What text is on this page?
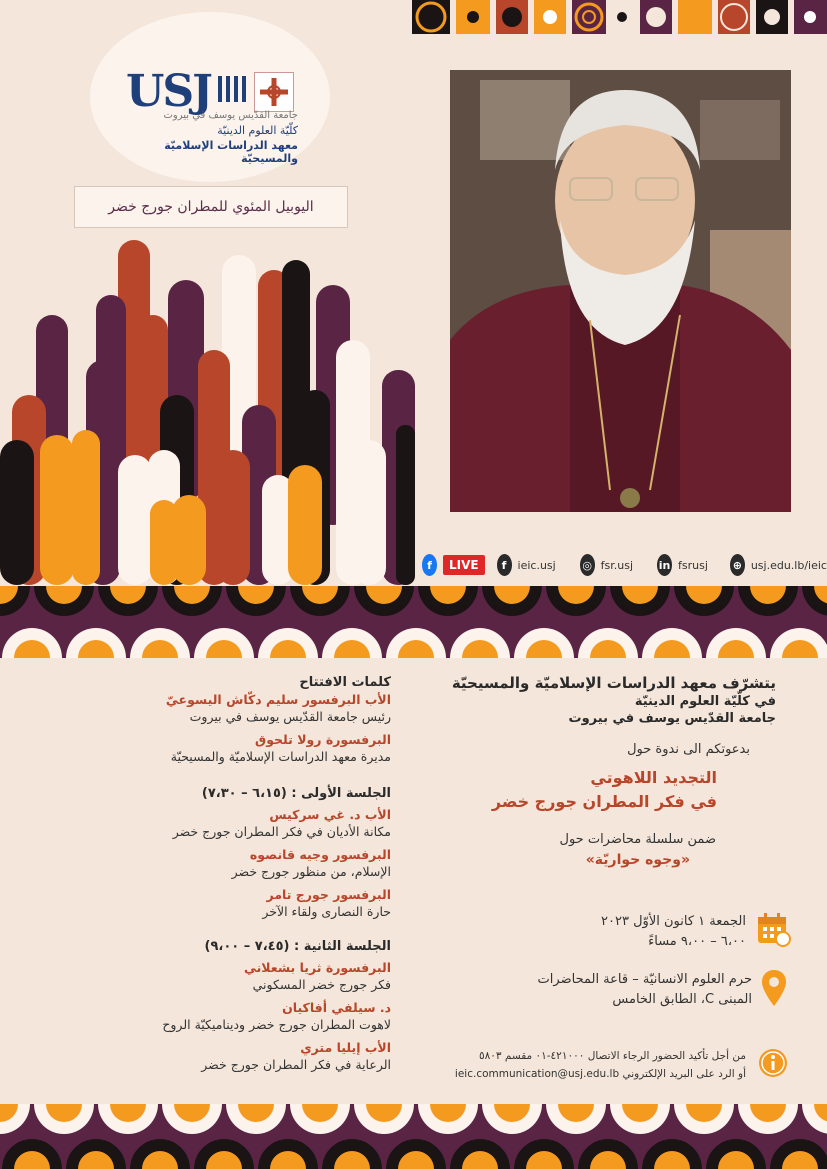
USJ
جامعة القدّيس يوسف في بيروت
كلّيّة العلوم الدينيّة
معهد الدراسات الإسلاميّة والمسيحيّة
اليوبيل المئوي للمطران جورج خضر
f	LIVE	f	ieic.usj ◎ fsr.usj in fsrusj ⊕ usj.edu.lb/ieic
يتشرّف معهد الدراسات الإسلاميّة والمسيحيّة
في كلّيّة العلوم الدينيّة
جامعة القدّيس يوسف في بيروت
بدعوتكم الى ندوة حول
التجديد اللاهوتي
في فكر المطران جورج خضر
ضمن سلسلة محاضرات حول
«وجوه حواريّة»
الجمعة ١ كانون الأوّل ٢٠٢٣
٦،٠٠ – ٩،٠٠ مساءً
حرم العلوم الانسانيّة – قاعة المحاضرات
المبنى C، الطابق الخامس
من أجل تأكيد الحضور الرجاء الاتصال ٤٢١٠٠٠-٠١ مقسم ٥٨٠٣
أو الرد على البريد الإلكتروني ieic.communication@usj.edu.lb
كلمات الافتتاح
الأب البرفسور سليم دكّاش اليسوعيّ
رئيس جامعة القدّيس يوسف في بيروت
البرفسورة رولا تلحوق
مديرة معهد الدراسات الإسلاميّة والمسيحيّة
الجلسة الأولى : (٦،١٥ – ٧،٣٠)
الأب د. غي سركيس
مكانة الأديان في فكر المطران جورج خضر
البرفسور وجيه قانصوه
الإسلام، من منظور جورج خضر
البرفسور جورج تامر
حارة النصارى ولقاء الآخر
الجلسة الثانية : (٧،٤٥ – ٩،٠٠)
البرفسورة ثريا بشعلاني
فكر جورج خضر المسكوني
د. سيلفي أفاكيان
لاهوت المطران جورج خضر وديناميكيّة الروح
الأب إيليا متري
الرعاية في فكر المطران جورج خضر
